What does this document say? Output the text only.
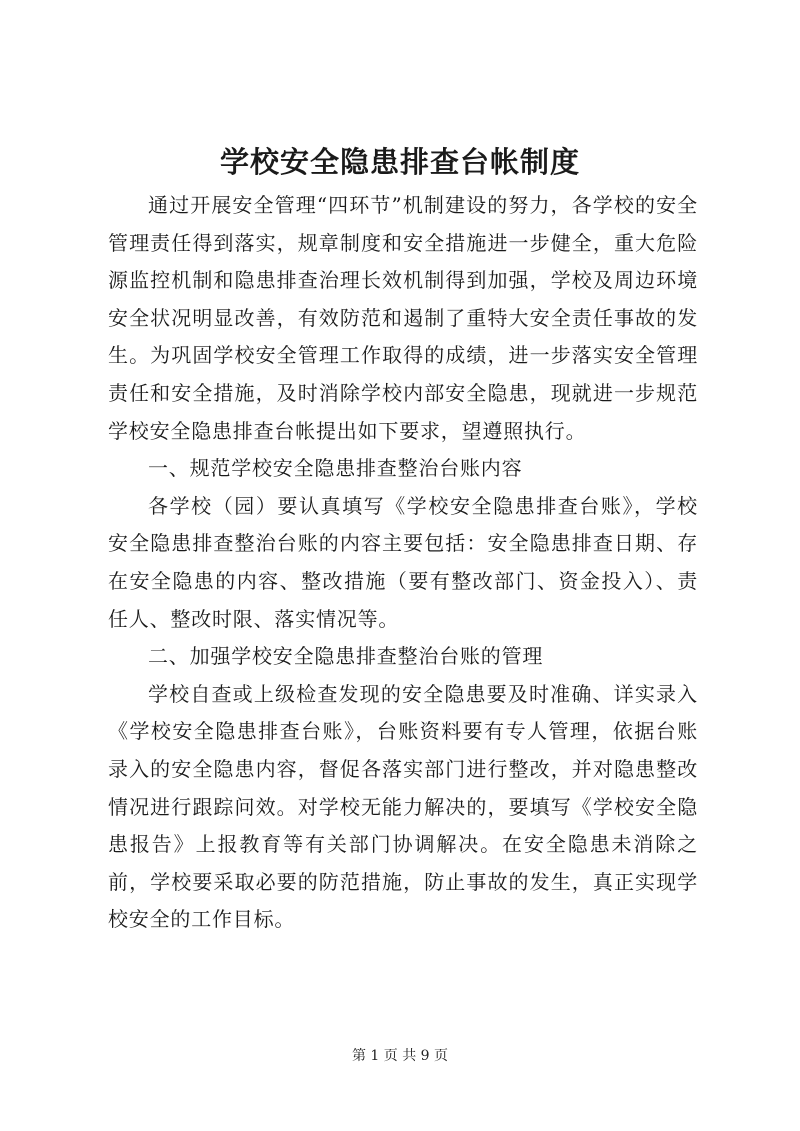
学校安全隐患排查台帐制度

通过开展安全管理“四环节”机制建设的努力，各学校的安全管理责任得到落实，规章制度和安全措施进一步健全，重大危险源监控机制和隐患排查治理长效机制得到加强，学校及周边环境安全状况明显改善，有效防范和遏制了重特大安全责任事故的发生。为巩固学校安全管理工作取得的成绩，进一步落实安全管理责任和安全措施，及时消除学校内部安全隐患，现就进一步规范学校安全隐患排查台帐提出如下要求，望遵照执行。

一、规范学校安全隐患排查整治台账内容

各学校（园）要认真填写《学校安全隐患排查台账》，学校安全隐患排查整治台账的内容主要包括：安全隐患排查日期、存在安全隐患的内容、整改措施（要有整改部门、资金投入）、责任人、整改时限、落实情况等。

二、加强学校安全隐患排查整治台账的管理

学校自查或上级检查发现的安全隐患要及时准确、详实录入《学校安全隐患排查台账》，台账资料要有专人管理，依据台账录入的安全隐患内容，督促各落实部门进行整改，并对隐患整改情况进行跟踪问效。对学校无能力解决的，要填写《学校安全隐患报告》上报教育等有关部门协调解决。在安全隐患未消除之前，学校要采取必要的防范措施，防止事故的发生，真正实现学校安全的工作目标。

第 1 页 共 9 页
